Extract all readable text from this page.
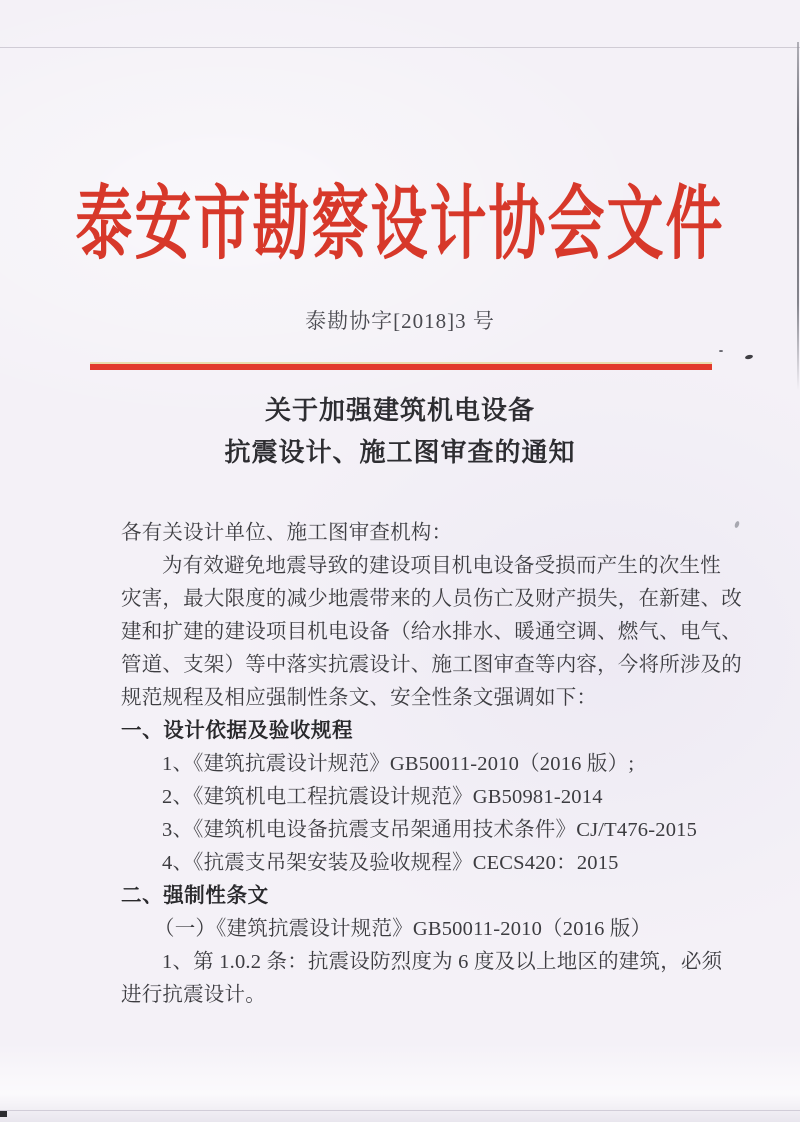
泰安市勘察设计协会文件
泰勘协字[2018]3 号
关于加强建筑机电设备
抗震设计、施工图审查的通知
各有关设计单位、施工图审查机构：
为有效避免地震导致的建设项目机电设备受损而产生的次生性
灾害，最大限度的减少地震带来的人员伤亡及财产损失，在新建、改
建和扩建的建设项目机电设备（给水排水、暖通空调、燃气、电气、
管道、支架）等中落实抗震设计、施工图审查等内容，今将所涉及的
规范规程及相应强制性条文、安全性条文强调如下：
一、设计依据及验收规程
1、《建筑抗震设计规范》GB50011-2010（2016 版）;
2、《建筑机电工程抗震设计规范》GB50981-2014
3、《建筑机电设备抗震支吊架通用技术条件》CJ/T476-2015
4、《抗震支吊架安装及验收规程》CECS420：2015
二、强制性条文
（一）《建筑抗震设计规范》GB50011-2010（2016 版）
1、第 1.0.2 条：抗震设防烈度为 6 度及以上地区的建筑，必须
进行抗震设计。
